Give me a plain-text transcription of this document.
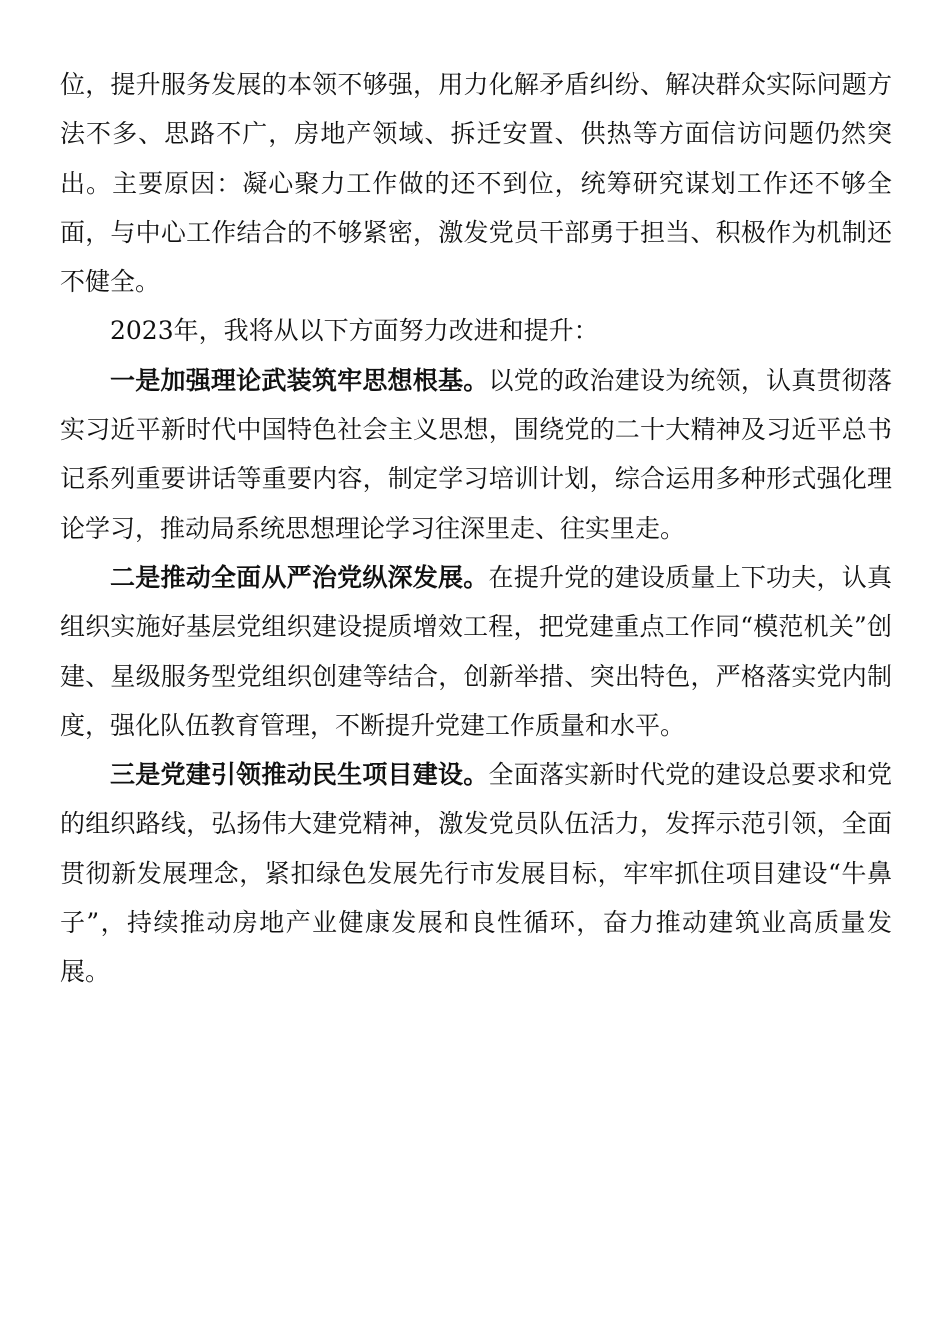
位，提升服务发展的本领不够强，用力化解矛盾纠纷、解决群众实际问题方法不多、思路不广，房地产领域、拆迁安置、供热等方面信访问题仍然突出。主要原因：凝心聚力工作做的还不到位，统筹研究谋划工作还不够全面，与中心工作结合的不够紧密，激发党员干部勇于担当、积极作为机制还不健全。

2023年，我将从以下方面努力改进和提升：

一是加强理论武装筑牢思想根基。以党的政治建设为统领，认真贯彻落实习近平新时代中国特色社会主义思想，围绕党的二十大精神及习近平总书记系列重要讲话等重要内容，制定学习培训计划，综合运用多种形式强化理论学习，推动局系统思想理论学习往深里走、往实里走。

二是推动全面从严治党纵深发展。在提升党的建设质量上下功夫，认真组织实施好基层党组织建设提质增效工程，把党建重点工作同“模范机关”创建、星级服务型党组织创建等结合，创新举措、突出特色，严格落实党内制度，强化队伍教育管理，不断提升党建工作质量和水平。

三是党建引领推动民生项目建设。全面落实新时代党的建设总要求和党的组织路线，弘扬伟大建党精神，激发党员队伍活力，发挥示范引领，全面贯彻新发展理念，紧扣绿色发展先行市发展目标，牢牢抓住项目建设“牛鼻子”，持续推动房地产业健康发展和良性循环，奋力推动建筑业高质量发展。
